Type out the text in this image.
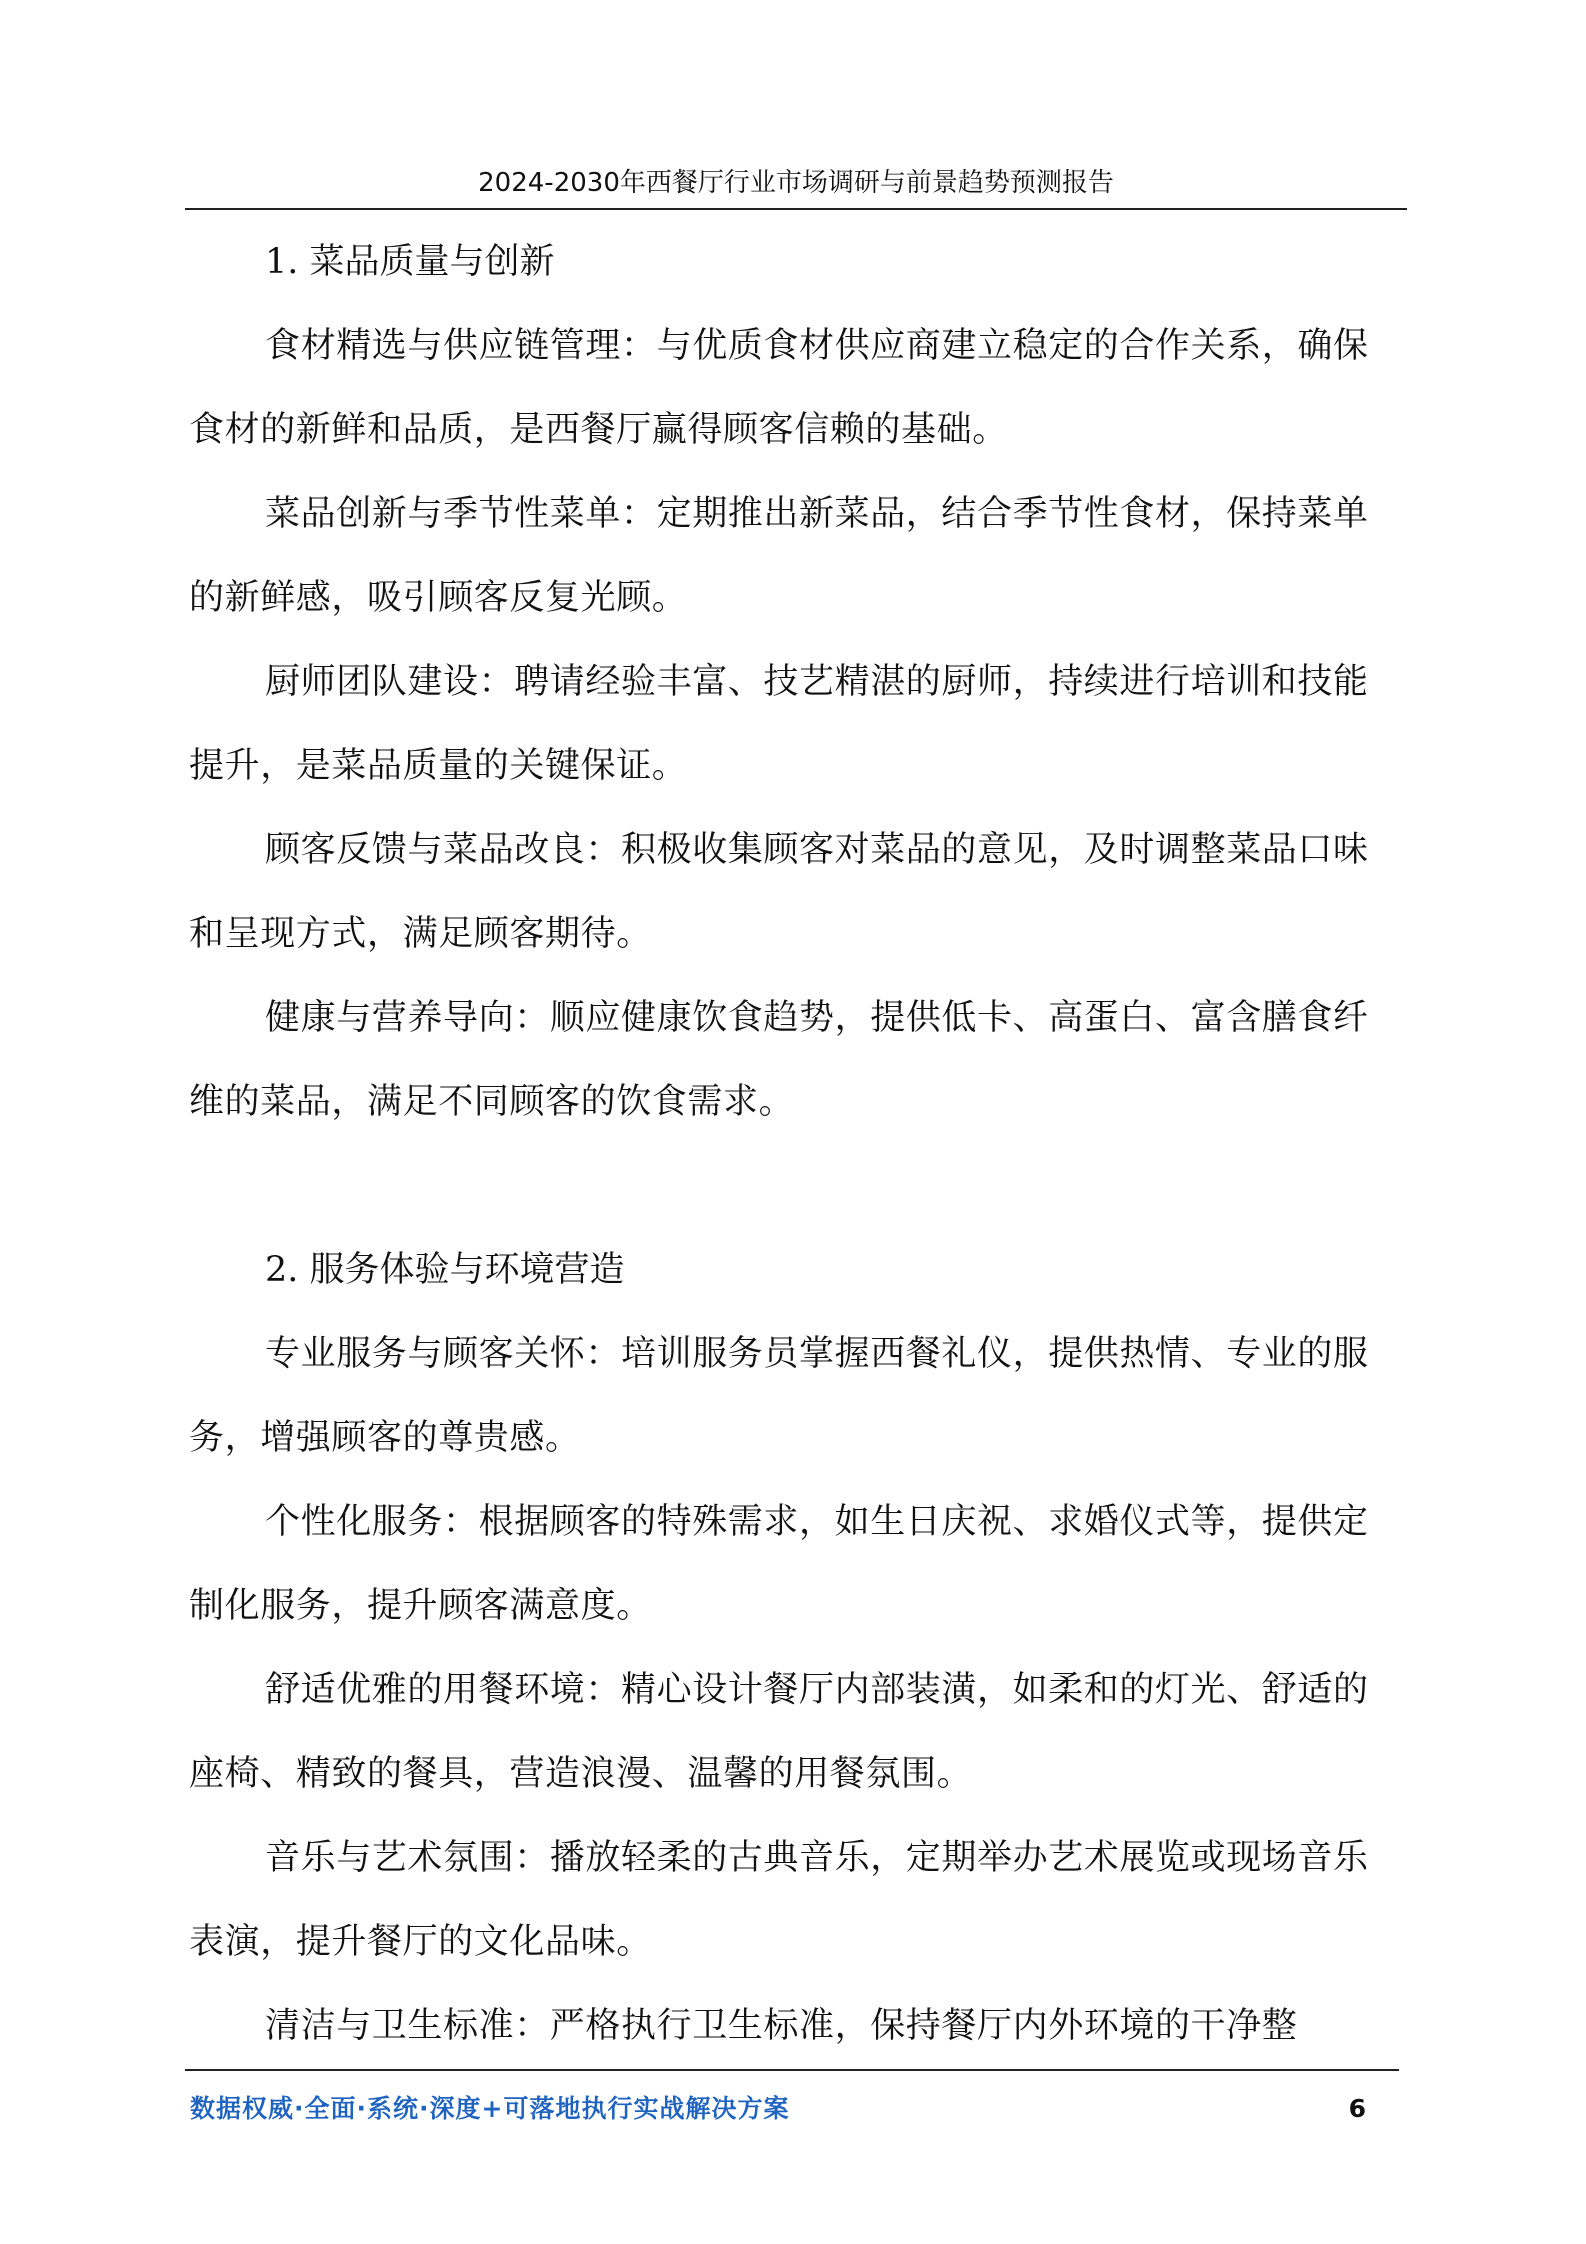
2024-2030年西餐厅行业市场调研与前景趋势预测报告

1. 菜品质量与创新

食材精选与供应链管理：与优质食材供应商建立稳定的合作关系，确保食材的新鲜和品质，是西餐厅赢得顾客信赖的基础。

菜品创新与季节性菜单：定期推出新菜品，结合季节性食材，保持菜单的新鲜感，吸引顾客反复光顾。

厨师团队建设：聘请经验丰富、技艺精湛的厨师，持续进行培训和技能提升，是菜品质量的关键保证。

顾客反馈与菜品改良：积极收集顾客对菜品的意见，及时调整菜品口味和呈现方式，满足顾客期待。

健康与营养导向：顺应健康饮食趋势，提供低卡、高蛋白、富含膳食纤维的菜品，满足不同顾客的饮食需求。

2. 服务体验与环境营造

专业服务与顾客关怀：培训服务员掌握西餐礼仪，提供热情、专业的服务，增强顾客的尊贵感。

个性化服务：根据顾客的特殊需求，如生日庆祝、求婚仪式等，提供定制化服务，提升顾客满意度。

舒适优雅的用餐环境：精心设计餐厅内部装潢，如柔和的灯光、舒适的座椅、精致的餐具，营造浪漫、温馨的用餐氛围。

音乐与艺术氛围：播放轻柔的古典音乐，定期举办艺术展览或现场音乐表演，提升餐厅的文化品味。

清洁与卫生标准：严格执行卫生标准，保持餐厅内外环境的干净整

数据权威·全面·系统·深度+可落地执行实战解决方案	6
